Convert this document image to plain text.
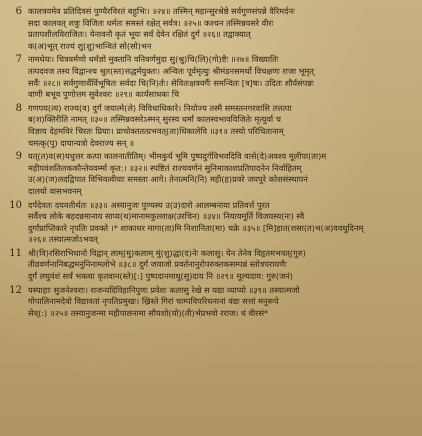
6 कालत्रयमेव प्रतिदिवसं पुण्यैरविरतं बहुभिः। ॥२४॥ तस्मिन् महान्सुरश्रेष्ठे सर्वगुणसंपन्ने वैरिमर्दनः
सदा कालवत् शत्रुः विजितः धर्मतः समस्तं रक्षेत् सर्वत्र। ॥२५॥ कश्चन तस्मिन्नवसरे वीरः
प्रतापशीलविराजितः। येनावनौ कृतं भूयः सर्वं देवेन रक्षितं दुर्गं ॥२६॥ तद्वाक्यात्
क(अ)भूत् राज्यं शु(शु)भान्वितं सो(सो)भन
7 नामधेयः। चित्रवर्मणो धर्मज्ञो मुक्तानि वनिवर्णमुदा सु(श्रु)चि(लि)(गो)ष्टैः ॥२७॥ विख्यातिः
तत्पदवज तस्य विद्वान्श्च श्रुत(स्त)त्तद्धर्मयुक्तः। अन्वितः पूर्वमृत्युः श्रीमंडनसमर्थो विचक्षणः राजा भूमृत्
सर्वैः ॥२८॥ सर्वगुणार्थैर्विभूषितः सर्वदा चि(नि)र्तः। सेवितःक्षत्रवर्गैः समन्वितः [त्र]षः। उदितः शौर्यसंपन्नः
वाणी बभूव पुणोत्तम सुवेश्वरः ॥२९॥ कार्यसाधकः चि
8 गणपय(त्य) राज्य(व) दुर्गं जयात्मे(ले) विविधाधिकारे। नियोज्य तस्मै समस्तनगरवासि तत्तत्पा
ब(श)क्तिरीति नामत् ॥३०॥ तस्मिन्नवसरेऽस्मन् सुरस्य धर्मा कालस्वभावविजितेः मृत्युर्वा च
विज्ञाय देहमविरं चिरतः प्रियाः। प्राचोक्ततत्प्रभवत्(ता)धिकालेवि ॥३१॥ तस्यो परिचितानाम्
चमत्कृ(पु) दायान्यत्रो देवराज्य सन् ॥
9 यत्(त)व(स)यधुत्तर कत्पा कालनातीतिम्। भीमकुर्य भूमि पुष्पदुर्गविभवदिवि वासे(दे)अवश्य मूलीपा(ता)म
महीपवंशतिलककौन्तेयवर्म्मा कृत:। ॥३२॥ स्पष्टितं राज्यवर्णनं सुनिमाकाशप्रतिपादनेन निर्वाहितम्
उ(अ)(ज)लदद्विपात विभिवत्वीयाः समस्ता आगे। तेनात्मनि(नि) मही(ह)प्रवरे जयपुरे कोशसंस्थापनं
दालयो वासभवनम्
10 दर्पदेवतः दयवतीर्थतः ॥३३॥ अस्यानुजः पुण्यस्य उ(उ)दारो आलम्बनाया प्रतिवर्त्त पुरत
सर्वैश्च लोके बहदन्नमानाय साप्य(थ)मानामकुल्लाक्ष(उरचिन) ॥३४॥ नियायमूर्ति विजयस्य(नः) स्वै
दुर्गांप्राप्तिकारे नृपतिः प्रवक्ते ।* शाकाधर मागा(ता)मि निशानिता(मा) चक्रे ॥३५॥ [मि]हात(शसा(त)भ(अ)ववधुदिनम्
॥२६॥ तस्यात्मजोऽभवत्
11 श्री(वि)रसिराभिधानो विद्वान् लाम्(मु)कलाम् मुं(शु)द्धा(द)नेः कलासु। येन तेनेव विहृतमभवत्(गुरु)
तीव्रवर्णनानिबद्धमनुनिनामलोभे ॥३८॥ दुर्गं जयाजो प्रवर्तनानुरोपरुक्तकसम्पन्नं स्तोत्रपरायणैः
दुर्गं लघुवंशं सर्वं भक्त्या कृतवान(स्ते)[:] पुष्पदानमाधु(सु)दाय नि ॥२९॥ मूल्यदाय: गुरु(जनं)
12 यस्याहाः सुजनेश्वराः। राजन्यदिविहानिपुणः प्रवेशः कलासु रेखे स यद्या व्याप्यो ॥३९॥ तस्यात्मजो
गोपालिनामदेवो विद्यावतां नृपतिप्रमुखः। ख्रिस्ते गिरां चाम्पविपरिधनानां वंद्यः सत्तां मनुरूपे
सेव्(:) ॥२५॥ तस्यानुजन्मा महीपालनामा सौयशो(यो)(ती)र्भप्रभवो रराज। धं वीरसं*
